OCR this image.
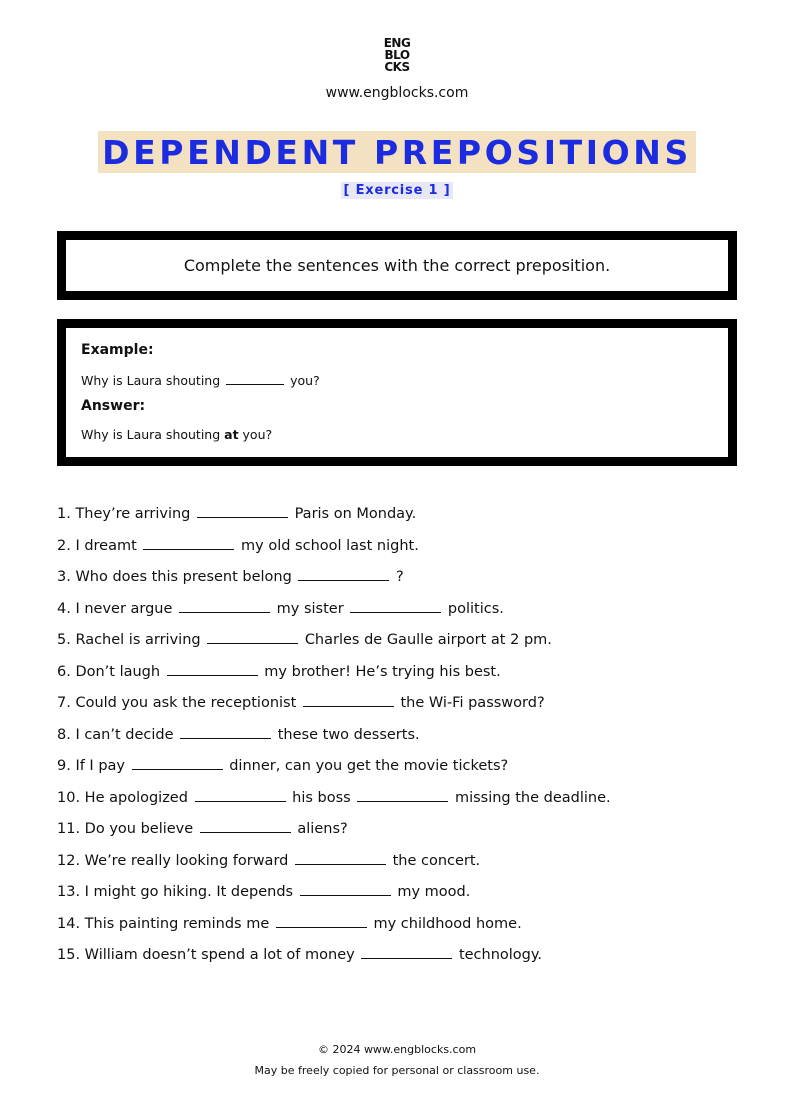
ENG
BLO
CKS
www.engblocks.com
DEPENDENT PREPOSITIONS
[ Exercise 1 ]
Complete the sentences with the correct preposition.
Example:
Why is Laura shouting	you?
Answer:
Why is Laura shouting at you?
1. They’re arriving	Paris on Monday.
2. I dreamt	my old school last night.
3. Who does this present belong	?
4. I never argue	my sister	politics.
5. Rachel is arriving	Charles de Gaulle airport at 2 pm.
6. Don’t laugh	my brother! He’s trying his best.
7. Could you ask the receptionist	the Wi-Fi password?
8. I can’t decide	these two desserts.
9. If I pay	dinner, can you get the movie tickets?
10. He apologized	his boss	missing the deadline.
11. Do you believe	aliens?
12. We’re really looking forward	the concert.
13. I might go hiking. It depends	my mood.
14. This painting reminds me	my childhood home.
15. William doesn’t spend a lot of money	technology.
© 2024 www.engblocks.com
May be freely copied for personal or classroom use.
